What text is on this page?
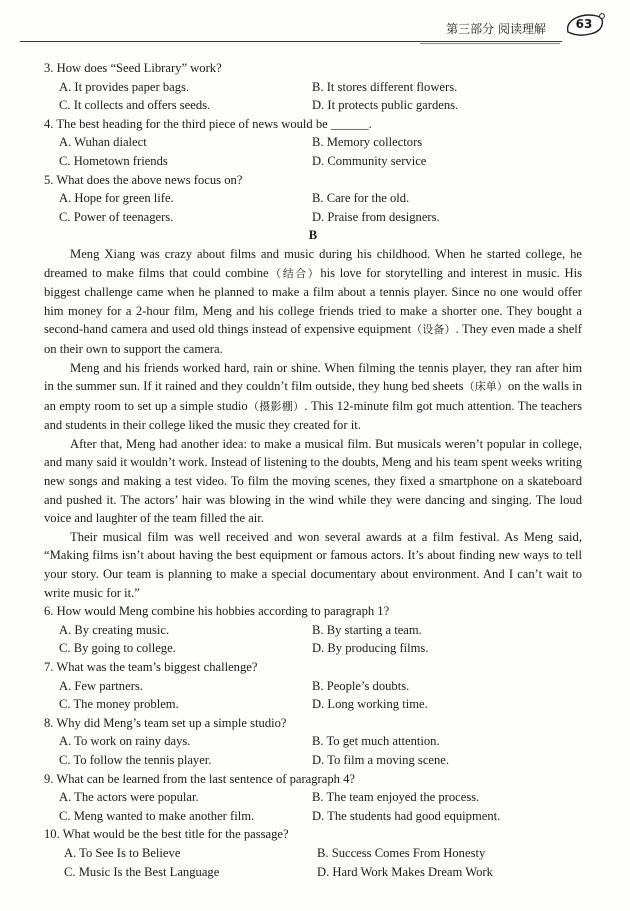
第三部分 阅读理解	63

3. How does “Seed Library” work?

A. It provides paper bags.	B. It stores different flowers.
C. It collects and offers seeds.	D. It protects public gardens.

4. The best heading for the third piece of news would be ______.

A. Wuhan dialect	B. Memory collectors
C. Hometown friends	D. Community service

5. What does the above news focus on?

A. Hope for green life.	B. Care for the old.
C. Power of teenagers.	D. Praise from designers.
B

Meng Xiang was crazy about films and music during his childhood. When he started college, he dreamed to make films that could combine（结合）his love for storytelling and interest in music. His biggest challenge came when he planned to make a film about a tennis player. Since no one would offer him money for a 2-hour film, Meng and his college friends tried to make a shorter one. They bought a second-hand camera and used old things instead of expensive equipment（设备）. They even made a shelf on their own to support the camera.

Meng and his friends worked hard, rain or shine. When filming the tennis player, they ran after him in the summer sun. If it rained and they couldn’t film outside, they hung bed sheets（床单）on the walls in an empty room to set up a simple studio（摄影棚）. This 12-minute film got much attention. The teachers and students in their college liked the music they created for it.

After that, Meng had another idea: to make a musical film. But musicals weren’t popular in college, and many said it wouldn’t work. Instead of listening to the doubts, Meng and his team spent weeks writing new songs and making a test video. To film the moving scenes, they fixed a smartphone on a skateboard and pushed it. The actors’ hair was blowing in the wind while they were dancing and singing. The loud voice and laughter of the team filled the air.

Their musical film was well received and won several awards at a film festival. As Meng said, “Making films isn’t about having the best equipment or famous actors. It’s about finding new ways to tell your story. Our team is planning to make a special documentary about environment. And I can’t wait to write music for it.”

6. How would Meng combine his hobbies according to paragraph 1?

A. By creating music.	B. By starting a team.
C. By going to college.	D. By producing films.

7. What was the team’s biggest challenge?

A. Few partners.	B. People’s doubts.
C. The money problem.	D. Long working time.

8. Why did Meng’s team set up a simple studio?

A. To work on rainy days.	B. To get much attention.
C. To follow the tennis player.	D. To film a moving scene.

9. What can be learned from the last sentence of paragraph 4?

A. The actors were popular.	B. The team enjoyed the process.
C. Meng wanted to make another film.	D. The students had good equipment.

10. What would be the best title for the passage?

A. To See Is to Believe	B. Success Comes From Honesty
C. Music Is the Best Language	D. Hard Work Makes Dream Work
